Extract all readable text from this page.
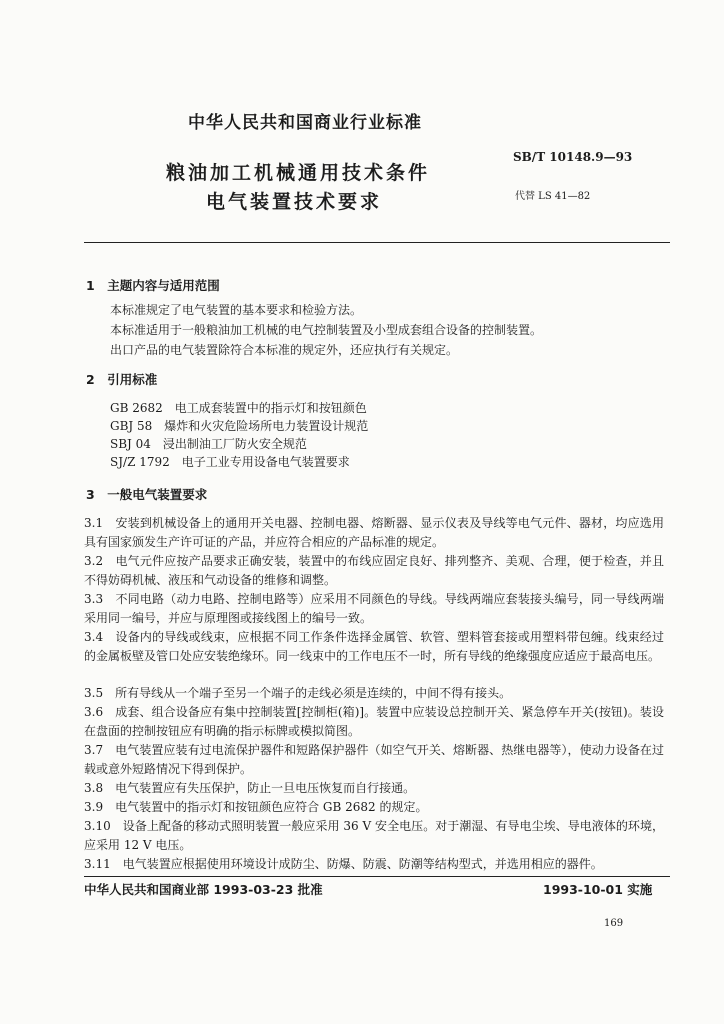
中华人民共和国商业行业标准
粮油加工机械通用技术条件
电气装置技术要求
SB/T 10148.9—93
代替 LS 41—82
1　主题内容与适用范围
本标准规定了电气装置的基本要求和检验方法。
本标准适用于一般粮油加工机械的电气控制装置及小型成套组合设备的控制装置。
出口产品的电气装置除符合本标准的规定外，还应执行有关规定。
2　引用标准
GB 2682　电工成套装置中的指示灯和按钮颜色
GBJ 58　爆炸和火灾危险场所电力装置设计规范
SBJ 04　浸出制油工厂防火安全规范
SJ/Z 1792　电子工业专用设备电气装置要求
3　一般电气装置要求
3.1　安装到机械设备上的通用开关电器、控制电器、熔断器、显示仪表及导线等电气元件、器材，均应选用具有国家颁发生产许可证的产品，并应符合相应的产品标准的规定。
3.2　电气元件应按产品要求正确安装，装置中的布线应固定良好、排列整齐、美观、合理，便于检查，并且不得妨碍机械、液压和气动设备的维修和调整。
3.3　不同电路（动力电路、控制电路等）应采用不同颜色的导线。导线两端应套装接头编号，同一导线两端采用同一编号，并应与原理图或接线图上的编号一致。
3.4　设备内的导线或线束，应根据不同工作条件选择金属管、软管、塑料管套接或用塑料带包缠。线束经过的金属板壁及管口处应安装绝缘环。同一线束中的工作电压不一时，所有导线的绝缘强度应适应于最高电压。
3.5　所有导线从一个端子至另一个端子的走线必须是连续的，中间不得有接头。
3.6　成套、组合设备应有集中控制装置[控制柜(箱)]。装置中应装设总控制开关、紧急停车开关(按钮)。装设在盘面的控制按钮应有明确的指示标牌或模拟简图。
3.7　电气装置应装有过电流保护器件和短路保护器件（如空气开关、熔断器、热继电器等），使动力设备在过载或意外短路情况下得到保护。
3.8　电气装置应有失压保护，防止一旦电压恢复而自行接通。
3.9　电气装置中的指示灯和按钮颜色应符合 GB 2682 的规定。
3.10　设备上配备的移动式照明装置一般应采用 36 V 安全电压。对于潮湿、有导电尘埃、导电液体的环境，应采用 12 V 电压。
3.11　电气装置应根据使用环境设计成防尘、防爆、防震、防潮等结构型式，并选用相应的器件。
中华人民共和国商业部 1993-03-23 批准	1993-10-01 实施
169
